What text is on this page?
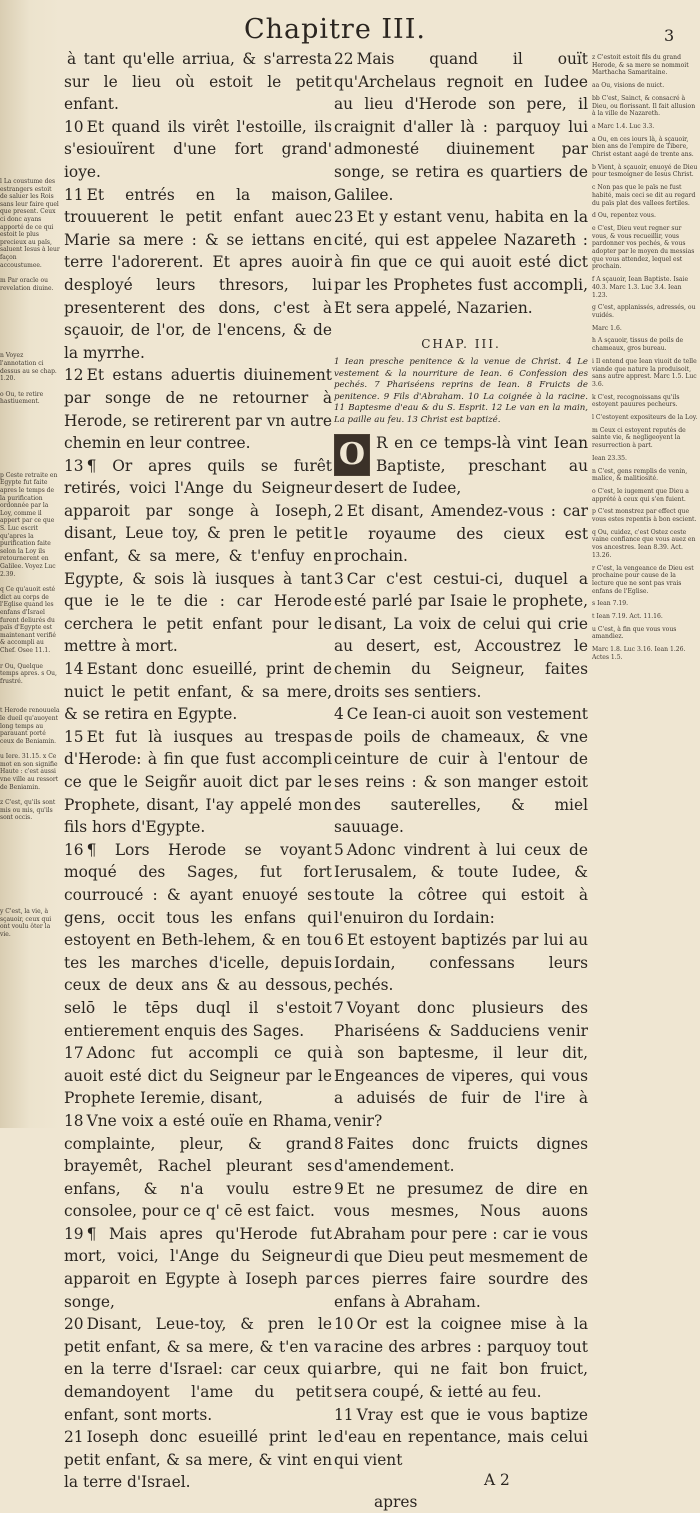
Chapitre III.	3

l La coustume des estrangers estoit de saluer les Rois sans leur faire quel que present. Ceux ci donc ayans apporté de ce qui estoit le plus precieux au païs, saluent Iesus à leur façon accoustumee.

m Par oracle ou revelation diuine.

n Voyez l'annotation ci dessus au se chap. 1.20.

o Ou, te retire hastiuement.

p Ceste retraite en Egypte fut faite apres le temps de la purification ordonnée par la Loy, comme il appert par ce que S. Luc escrit qu'apres la purification faite selon la Loy ils retournerent en Galilee. Voyez Luc 2.39.

q Ce qu'auoit esté dict au corps de l'Eglise quand les enfans d'Israel furent deliurés du païs d'Egypte est maintenant verifié & accompli au Chef. Osee 11.1.

r Ou, Quelque temps apres. s Ou, frustré.

t Herode renouuela le dueil qu'auoyent long temps au parauant porté ceux de Beniamin.

u Iere. 31.15. x Ce mot en son signifie Haute : c'est aussi vne ville au ressort de Beniamin.

z C'est, qu'ils sont mis ou mis, qu'ils sont occis.

y C'est, la vie, à sçauoir, ceux qui ont voulu ôter la vie.

à tant qu'elle arriua, & s'arresta sur le lieu où estoit le petit enfant.

10 Et quand ils virêt l'estoille, ils s'esiouïrent d'une fort grand' ioye.

11 Et entrés en la maison, trouuerent le petit enfant auec Marie sa mere : & se iettans en terre l'adorerent. Et apres auoir desployé leurs thresors, lui presenterent des dons, c'est à sçauoir, de l'or, de l'encens, & de la myrrhe.

12 Et estans aduertis diuinement par songe de ne retourner à Herode, se retirerent par vn autre chemin en leur contree.

13 ¶ Or apres quils se furêt retirés, voici l'Ange du Seigneur apparoit par songe à Ioseph, disant, Leue toy, & pren le petit enfant, & sa mere, & t'enfuy en Egypte, & sois là iusques à tant que ie le te die : car Herode cerchera le petit enfant pour le mettre à mort.

14 Estant donc esueillé, print de nuict le petit enfant, & sa mere, & se retira en Egypte.

15 Et fut là iusques au trespas d'Herode: à fin que fust accompli ce que le Seigñr auoit dict par le Prophete, disant, I'ay appelé mon fils hors d'Egypte.

16 ¶ Lors Herode se voyant moqué des Sages, fut fort courroucé : & ayant enuoyé ses gens, occit tous les enfans qui estoyent en Beth-lehem, & en tou tes les marches d'icelle, depuis ceux de deux ans & au dessous, selō le tēps duql il s'estoit entierement enquis des Sages.

17 Adonc fut accompli ce qui auoit esté dict du Seigneur par le Prophete Ieremie, disant,

18 Vne voix a esté ouïe en Rhama, complainte, pleur, & grand brayemêt, Rachel pleurant ses enfans, & n'a voulu estre consolee, pour ce q' cē est faict.

19 ¶ Mais apres qu'Herode fut mort, voici, l'Ange du Seigneur apparoit en Egypte à Ioseph par songe,

20 Disant, Leue-toy, & pren le petit enfant, & sa mere, & t'en va en la terre d'Israel: car ceux qui demandoyent l'ame du petit enfant, sont morts.

21 Ioseph donc esueillé print le petit enfant, & sa mere, & vint en la terre d'Israel.

22 Mais quand il ouït qu'Archelaus regnoit en Iudee au lieu d'Herode son pere, il craignit d'aller là : parquoy lui admonesté diuinement par songe, se retira es quartiers de Galilee.

23 Et y estant venu, habita en la cité, qui est appelee Nazareth : à fin que ce qui auoit esté dict par les Prophetes fust accompli, Et sera appelé, Nazarien.

CHAP. III.

1 Iean presche penitence & la venue de Christ. 4 Le vestement & la nourriture de Iean. 6 Confession des pechés. 7 Phariséens reprins de Iean. 8 Fruicts de penitence. 9 Fils d'Abraham. 10 La coignée à la racine. 11 Baptesme d'eau & du S. Esprit. 12 Le van en la main, La paille au feu. 13 Christ est baptizé.

O R en ce temps-là vint Iean Baptiste, preschant au desert de Iudee,

2 Et disant, Amendez-vous : car le royaume des cieux est prochain.

3 Car c'est cestui-ci, duquel a esté parlé par Isaie le prophete, disant, La voix de celui qui crie au desert, est, Accoustrez le chemin du Seigneur, faites droits ses sentiers.

4 Ce Iean-ci auoit son vestement de poils de chameaux, & vne ceinture de cuir à l'entour de ses reins : & son manger estoit des sauterelles, & miel sauuage.

5 Adonc vindrent à lui ceux de Ierusalem, & toute Iudee, & toute la côtree qui estoit à l'enuiron du Iordain:

6 Et estoyent baptizés par lui au Iordain, confessans leurs pechés.

7 Voyant donc plusieurs des Phariséens & Sadduciens venir à son baptesme, il leur dit, Engeances de viperes, qui vous a aduisés de fuir de l'ire à venir?

8 Faites donc fruicts dignes d'amendement.

9 Et ne presumez de dire en vous mesmes, Nous auons Abraham pour pere : car ie vous di que Dieu peut mesmement de ces pierres faire sourdre des enfans à Abraham.

10 Or est la coignee mise à la racine des arbres : parquoy tout arbre, qui ne fait bon fruict, sera coupé, & ietté au feu.

11 Vray est que ie vous baptize d'eau en repentance, mais celui qui vient

A 2 apres

z C'estoit estoit fils du grand Herode, & sa mere se nommoit Marthacha Samaritaine.

aa Ou, visions de nuict.

bb C'est, Sainct, & consacré à Dieu, ou florissant. Il fait allusion à la ville de Nazareth.

a Marc 1.4. Luc 3.3.

a Ou, en ces iours là, à sçauoir, bien ans de l'empire de Tibere, Christ estant aagé de trente ans.

b Vient, à sçauoir, enuoyé de Dieu pour tesmoigner de Iesus Christ.

c Non pas que le païs ne fust habité, mais ceci se dit au regard du païs plat des vallees fertiles.

d Ou, repentez vous.

e C'est, Dieu veut regner sur vous, & vous recueillir, vous pardonner vos pechés, & vous adopter par le moyen du messias que vous attendez, lequel est prochain.

f A sçauoir, Iean Baptiste. Isaie 40.3. Marc 1.3. Luc 3.4. Iean 1.23.

g C'est, applanissés, adressés, ou vuidés.

Marc 1.6.

h A sçauoir, tissus de poils de chameaux, gros bureau.

i Il entend que Iean viuoit de telle viande que nature la produisoit, sans autre apprest. Marc 1.5. Luc 3.6.

k C'est, recognoissans qu'ils estoyent pauures pecheurs.

l C'estoyent expositeurs de la Loy.

m Ceux ci estoyent reputés de sainte vie, & negligeoyent la resurrection à part.

Iean 23.35.

n C'est, gens remplis de venin, malice, & malitiosité.

o C'est, le iugement que Dieu a apprété à ceux qui s'en fuient.

p C'est monstrez par effect que vous estes repentis à bon escient.

q Ou, cuidez, c'est Ostez ceste vaine confiance que vous auez en vos ancestres. Iean 8.39. Act. 13.26.

r C'est, la vengeance de Dieu est prochaine pour cause de la lecture que ne sont pas vrais enfans de l'Eglise.

s Iean 7.19.

t Iean 7.19. Act. 11.16.

u C'est, à fin que vous vous amandiez.

Marc 1.8. Luc 3.16. Iean 1.26. Actes 1.5.
